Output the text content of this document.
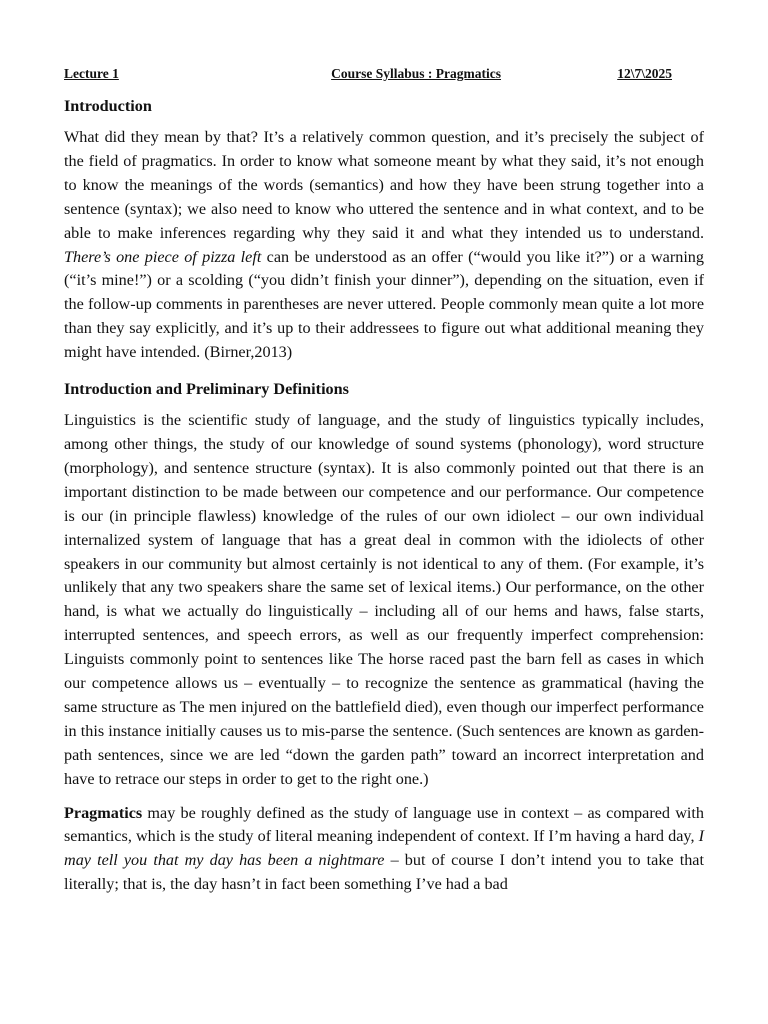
Lecture 1	Course Syllabus : Pragmatics	12\7\2025
Introduction

What did they mean by that? It’s a relatively common question, and it’s precisely the subject of the field of pragmatics. In order to know what someone meant by what they said, it’s not enough to know the meanings of the words (semantics) and how they have been strung together into a sentence (syntax); we also need to know who uttered the sentence and in what context, and to be able to make inferences regarding why they said it and what they intended us to understand. There’s one piece of pizza left can be understood as an offer (“would you like it?”) or a warning (“it’s mine!”) or a scolding (“you didn’t finish your dinner”), depending on the situation, even if the follow-up comments in parentheses are never uttered. People commonly mean quite a lot more than they say explicitly, and it’s up to their addressees to figure out what additional meaning they might have intended. (Birner,2013)

Introduction and Preliminary Definitions

Linguistics is the scientific study of language, and the study of linguistics typically includes, among other things, the study of our knowledge of sound systems (phonology), word structure (morphology), and sentence structure (syntax). It is also commonly pointed out that there is an important distinction to be made between our competence and our performance. Our competence is our (in principle flawless) knowledge of the rules of our own idiolect – our own individual internalized system of language that has a great deal in common with the idiolects of other speakers in our community but almost certainly is not identical to any of them. (For example, it’s unlikely that any two speakers share the same set of lexical items.) Our performance, on the other hand, is what we actually do linguistically – including all of our hems and haws, false starts, interrupted sentences, and speech errors, as well as our frequently imperfect comprehension: Linguists commonly point to sentences like The horse raced past the barn fell as cases in which our competence allows us – eventually – to recognize the sentence as grammatical (having the same structure as The men injured on the battlefield died), even though our imperfect performance in this instance initially causes us to mis-parse the sentence. (Such sentences are known as garden-path sentences, since we are led “down the garden path” toward an incorrect interpretation and have to retrace our steps in order to get to the right one.)

Pragmatics may be roughly defined as the study of language use in context – as compared with semantics, which is the study of literal meaning independent of context. If I’m having a hard day, I may tell you that my day has been a nightmare – but of course I don’t intend you to take that literally; that is, the day hasn’t in fact been something I’ve had a bad
